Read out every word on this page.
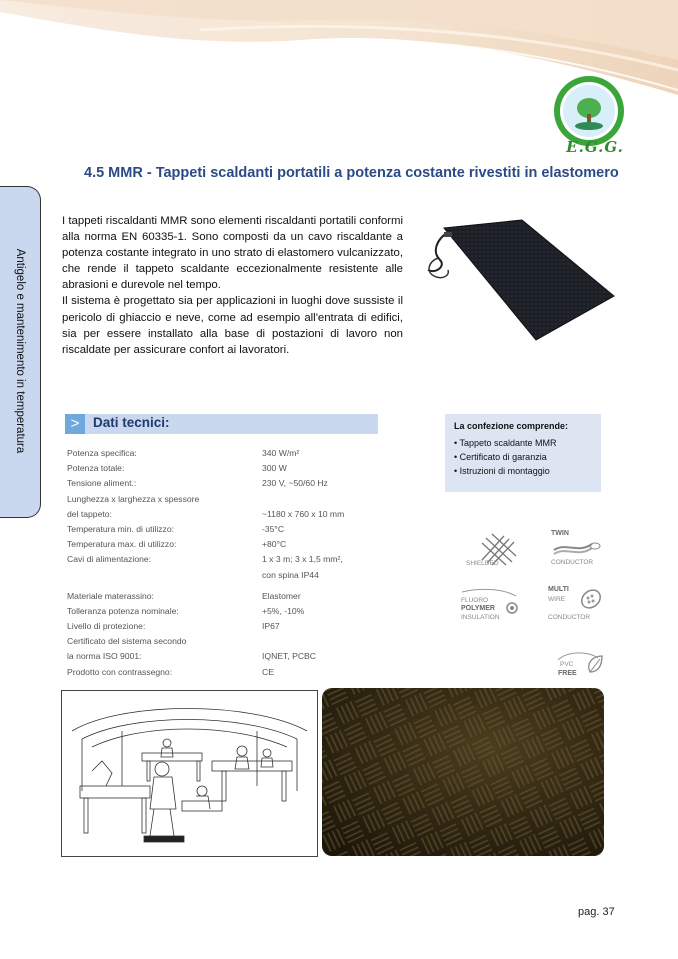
E.G.G.
4.5 MMR - Tappeti scaldanti portatili a potenza costante rivestiti in elastomero
Antigelo e mantenimento in temperatura

I tappeti riscaldanti MMR sono elementi riscaldanti portatili conformi alla norma EN 60335-1. Sono composti da un cavo riscaldante a potenza costante integrato in uno strato di elastomero vulcanizzato, che rende il tappeto scaldante eccezionalmente resistente alle abrasioni e durevole nel tempo.

Il sistema è progettato sia per applicazioni in luoghi dove sussiste il pericolo di ghiaccio e neve, come ad esempio all'entrata di edifici, sia per essere installato alla base di postazioni di lavoro non riscaldate per assicurare confort ai lavoratori.

>	Dati tecnici:
Potenza specifica:	340 W/m²
Potenza totale:	300 W
Tensione aliment.:	230 V, ~50/60 Hz
Lunghezza x larghezza x spessore
del tappeto:	~1180 x 760 x 10 mm
Temperatura min. di utilizzo:	-35°C
Temperatura max. di utilizzo:	+80°C
Cavi di alimentazione:	1 x 3 m; 3 x 1,5 mm²,
con spina IP44
Materiale materassino:	Elastomer
Tolleranza potenza nominale:	+5%, -10%
Livello di protezione:	IP67
Certificato del sistema secondo
la norma ISO 9001:	IQNET, PCBC
Prodotto con contrassegno:	CE
La confezione comprende:
• Tappeto scaldante MMR
• Certificato di garanzia
• Istruzioni di montaggio
SHIELDED
TWIN
CONDUCTOR
FLUORO
POLYMER
INSULATION
MULTI
WIRE
CONDUCTOR
PVC
FREE
pag. 37
